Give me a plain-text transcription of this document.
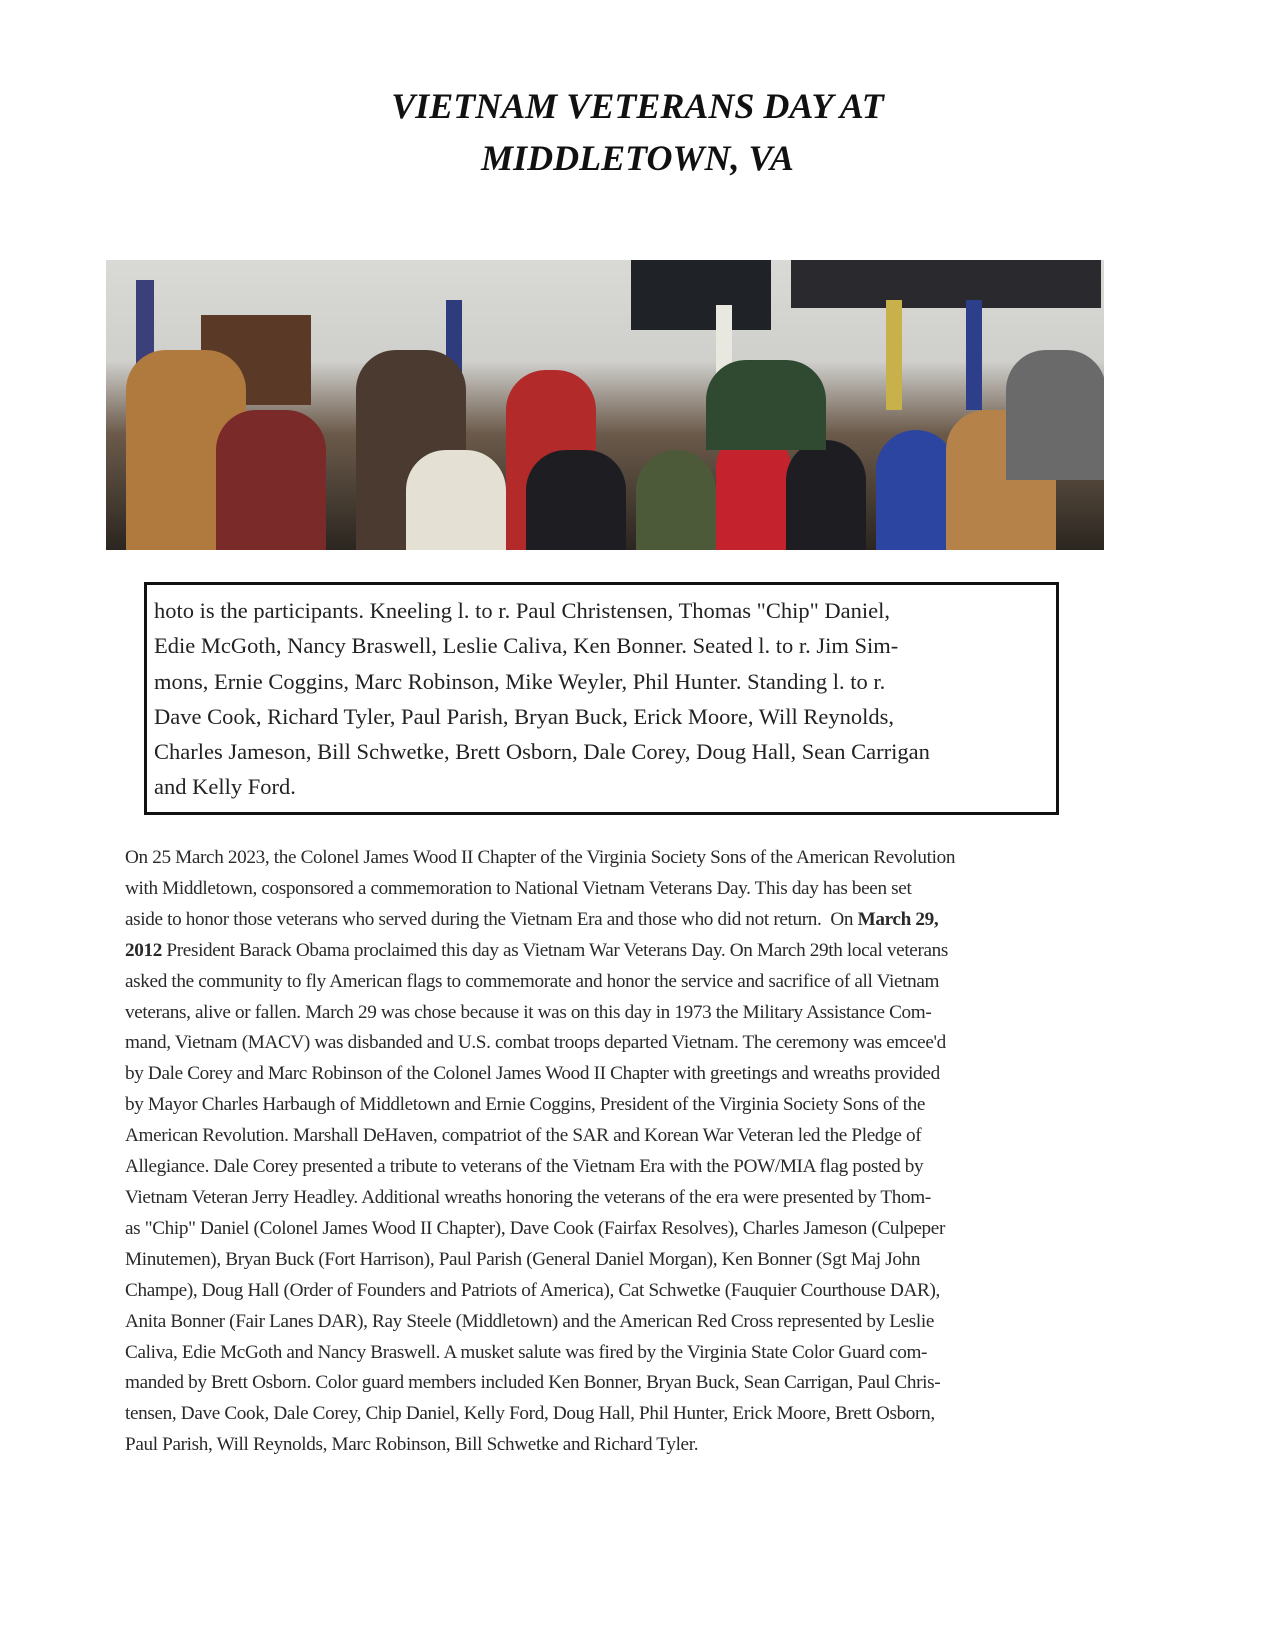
VIETNAM VETERANS DAY AT
MIDDLETOWN, VA
hoto is the participants. Kneeling l. to r. Paul Christensen, Thomas "Chip" Daniel,
Edie McGoth, Nancy Braswell, Leslie Caliva, Ken Bonner. Seated l. to r. Jim Sim-
mons, Ernie Coggins, Marc Robinson, Mike Weyler, Phil Hunter. Standing l. to r.
Dave Cook, Richard Tyler, Paul Parish, Bryan Buck, Erick Moore, Will Reynolds,
Charles Jameson, Bill Schwetke, Brett Osborn, Dale Corey, Doug Hall, Sean Carrigan
and Kelly Ford.
On 25 March 2023, the Colonel James Wood II Chapter of the Virginia Society Sons of the American Revolution
with Middletown, cosponsored a commemoration to National Vietnam Veterans Day. This day has been set
aside to honor those veterans who served during the Vietnam Era and those who did not return.  On March 29,
2012 President Barack Obama proclaimed this day as Vietnam War Veterans Day. On March 29th local veterans
asked the community to fly American flags to commemorate and honor the service and sacrifice of all Vietnam
veterans, alive or fallen. March 29 was chose because it was on this day in 1973 the Military Assistance Com-
mand, Vietnam (MACV) was disbanded and U.S. combat troops departed Vietnam. The ceremony was emcee'd
by Dale Corey and Marc Robinson of the Colonel James Wood II Chapter with greetings and wreaths provided
by Mayor Charles Harbaugh of Middletown and Ernie Coggins, President of the Virginia Society Sons of the
American Revolution. Marshall DeHaven, compatriot of the SAR and Korean War Veteran led the Pledge of
Allegiance. Dale Corey presented a tribute to veterans of the Vietnam Era with the POW/MIA flag posted by
Vietnam Veteran Jerry Headley. Additional wreaths honoring the veterans of the era were presented by Thom-
as "Chip" Daniel (Colonel James Wood II Chapter), Dave Cook (Fairfax Resolves), Charles Jameson (Culpeper
Minutemen), Bryan Buck (Fort Harrison), Paul Parish (General Daniel Morgan), Ken Bonner (Sgt Maj John
Champe), Doug Hall (Order of Founders and Patriots of America), Cat Schwetke (Fauquier Courthouse DAR),
Anita Bonner (Fair Lanes DAR), Ray Steele (Middletown) and the American Red Cross represented by Leslie
Caliva, Edie McGoth and Nancy Braswell. A musket salute was fired by the Virginia State Color Guard com-
manded by Brett Osborn. Color guard members included Ken Bonner, Bryan Buck, Sean Carrigan, Paul Chris-
tensen, Dave Cook, Dale Corey, Chip Daniel, Kelly Ford, Doug Hall, Phil Hunter, Erick Moore, Brett Osborn,
Paul Parish, Will Reynolds, Marc Robinson, Bill Schwetke and Richard Tyler.
